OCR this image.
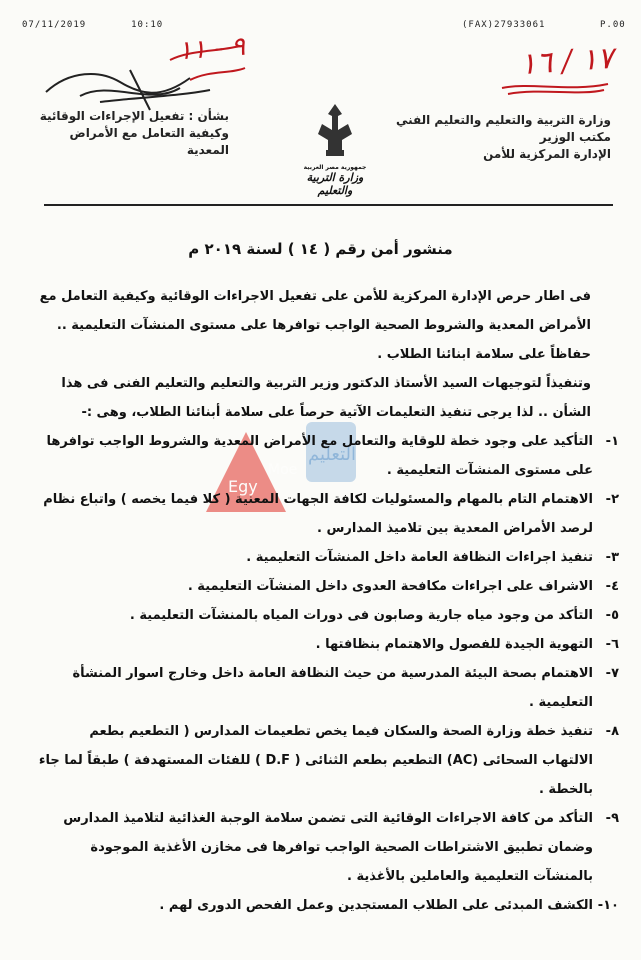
07/11/2019	10:10	(FAX)27933061	P.00
٩ - ١١	١٧ / ١٦
وزارة التربية والتعليم والتعليم الفني
مكتب الوزير
الإدارة المركزية للأمن
بشأن : تفعيل الإجراءات الوقائية
وكيفية التعامل مع الأمراض المعدية
جمهورية مصر العربية
وزارة التربية والتعليم
منشور أمن رقم ( ١٤ ) لسنة ٢٠١٩ م
Egy
Moe
التعليم

فى اطار حرص الإدارة المركزية للأمن على تفعيل الاجراءات الوقائية وكيفية التعامل مع الأمراض المعدية والشروط الصحية الواجب توافرها على مستوى المنشآت التعليمية .. حفاظاً على سلامة ابنائنا الطلاب .

وتنفيذاً لتوجيهات السيد الأستاذ الدكتور وزير التربية والتعليم والتعليم الفنى فى هذا الشأن .. لذا يرجى تنفيذ التعليمات الآتية حرصاً على سلامة أبنائنا الطلاب، وهى :-

١-
التأكيد على وجود خطة للوقاية والتعامل مع الأمراض المعدية والشروط الواجب توافرها على مستوى المنشآت التعليمية .
٢-
الاهتمام التام بالمهام والمسئوليات لكافة الجهات المعنية ( كلا فيما يخصه ) واتباع نظام لرصد الأمراض المعدية بين تلاميذ المدارس .
٣-
تنفيذ اجراءات النظافة العامة داخل المنشآت التعليمية .
٤-
الاشراف على اجراءات مكافحة العدوى داخل المنشآت التعليمية .
٥-
التأكد من وجود مياه جارية وصابون فى دورات المياه بالمنشآت التعليمية .
٦-
التهوية الجيدة للفصول والاهتمام بنظافتها .
٧-
الاهتمام بصحة البيئة المدرسية من حيث النظافة العامة داخل وخارج اسوار المنشأة التعليمية .
٨-
تنفيذ خطة وزارة الصحة والسكان فيما يخص تطعيمات المدارس ( التطعيم بطعم الالتهاب السحائى (AC) التطعيم بطعم الثنائى ( D.F ) للفئات المستهدفة ) طبقاً لما جاء بالخطة .
٩-
التأكد من كافة الاجراءات الوقائية التى تضمن سلامة الوجبة الغذائية لتلاميذ المدارس وضمان تطبيق الاشتراطات الصحية الواجب توافرها فى مخازن الأغذية الموجودة بالمنشآت التعليمية والعاملين بالأغذية .
١٠-
الكشف المبدئى على الطلاب المستجدين وعمل الفحص الدورى لهم .
